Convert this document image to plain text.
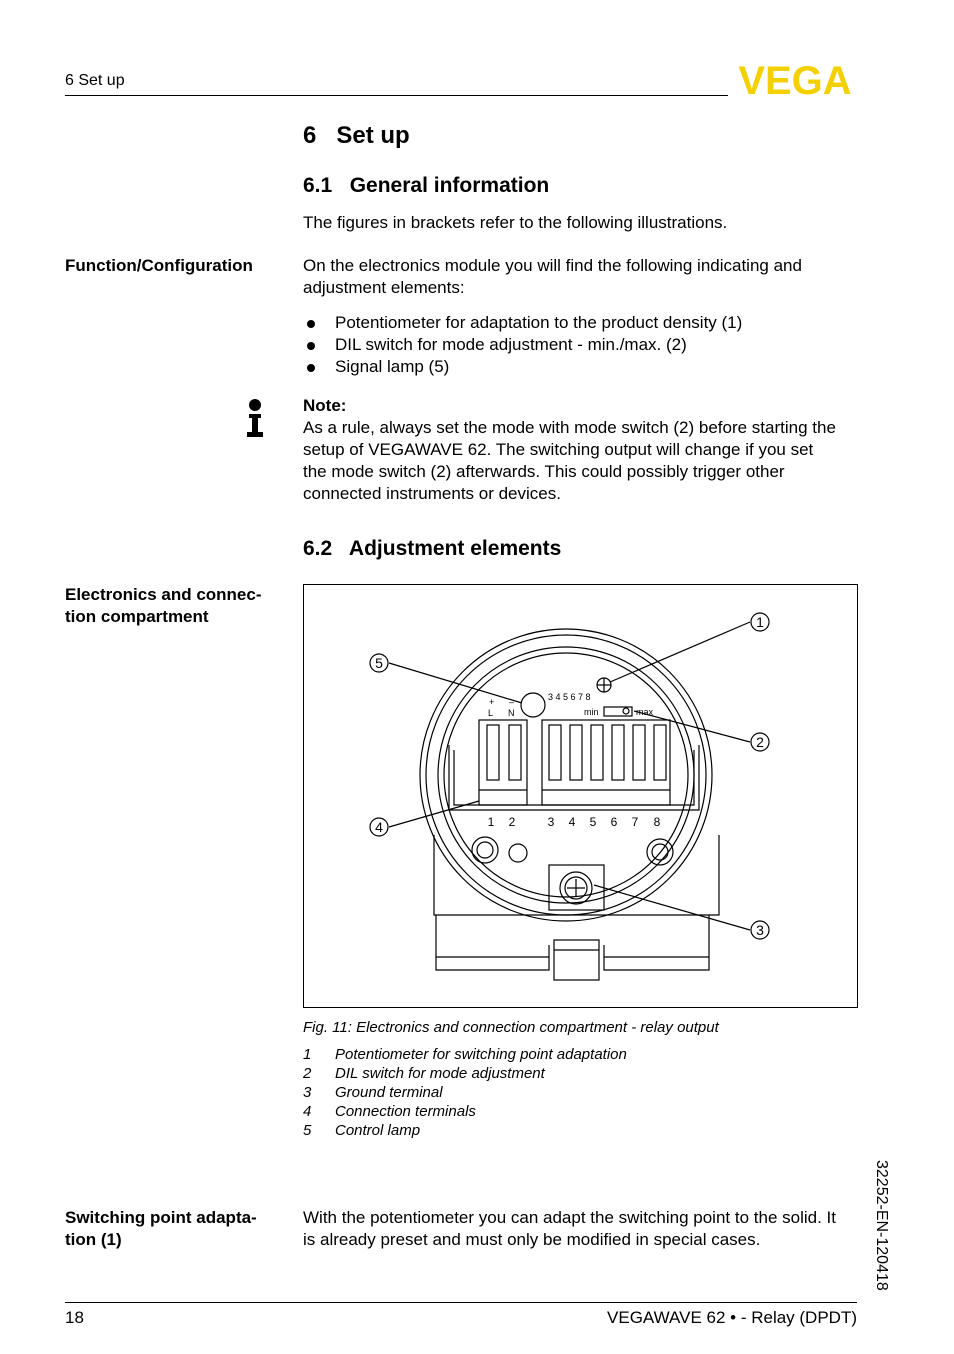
6 Set up	VEGA
6   Set up
6.1   General information
The figures in brackets refer to the following illustrations.
Function/Configuration	On the electronics module you will find the following indicating and
adjustment elements:
Potentiometer for adaptation to the product density (1)
DIL switch for mode adjustment - min./max. (2)
Signal lamp (5)
Note:
As a rule, always set the mode with mode switch (2) before starting the
setup of VEGAWAVE 62. The switching output will change if you set
the mode switch (2) afterwards. This could possibly trigger other
connected instruments or devices.
6.2   Adjustment elements
Electronics and connec-
tion compartment	1
2
3
4
5
1 2	3 4 5 6 7 8
3 4 5 6 7 8
min	max
+ –
L N
Fig. 11: Electronics and connection compartment - relay output
1	Potentiometer for switching point adaptation
2	DIL switch for mode adjustment
3	Ground terminal
4	Connection terminals
5	Control lamp
Switching point adapta-
tion (1)
With the potentiometer you can adapt the switching point to the solid. It
is already preset and must only be modified in special cases.	32252-EN-120418
18	VEGAWAVE 62 • - Relay (DPDT)
